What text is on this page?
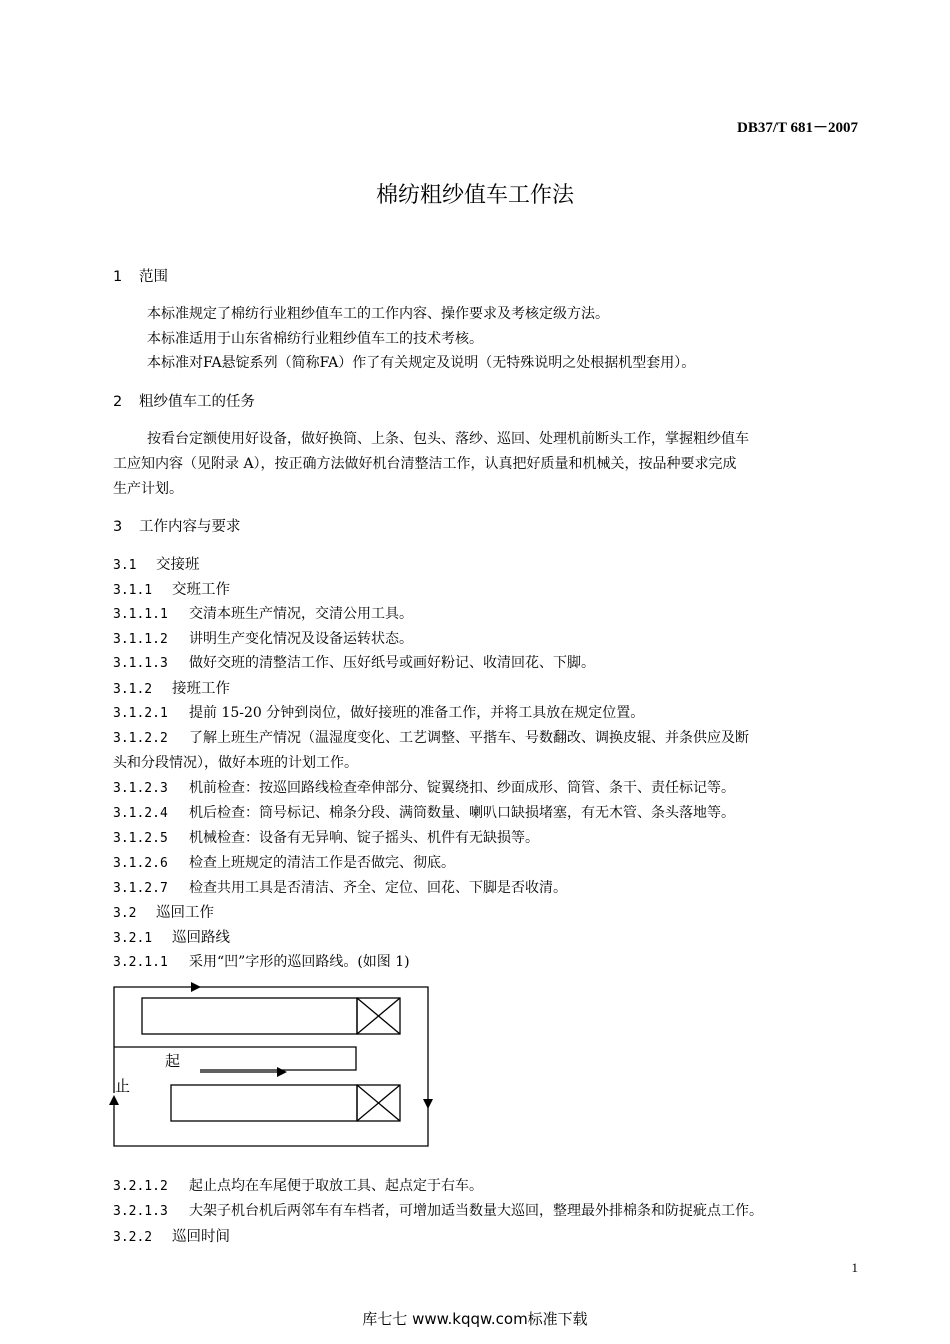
DB37/T 681－2007
棉纺粗纱值车工作法
1 范围
本标准规定了棉纺行业粗纱值车工的工作内容、操作要求及考核定级方法。
本标准适用于山东省棉纺行业粗纱值车工的技术考核。
本标准对FA悬锭系列（简称FA）作了有关规定及说明（无特殊说明之处根据机型套用）。
2 粗纱值车工的任务
按看台定额使用好设备，做好换筒、上条、包头、落纱、巡回、处理机前断头工作，掌握粗纱值车
工应知内容（见附录 A），按正确方法做好机台清整洁工作，认真把好质量和机械关，按品种要求完成
生产计划。
3 工作内容与要求
3.1 交接班
3.1.1 交班工作
3.1.1.1 交清本班生产情况，交清公用工具。
3.1.1.2 讲明生产变化情况及设备运转状态。
3.1.1.3 做好交班的清整洁工作、压好纸号或画好粉记、收清回花、下脚。
3.1.2 接班工作
3.1.2.1 提前 15-20 分钟到岗位，做好接班的准备工作，并将工具放在规定位置。
3.1.2.2 了解上班生产情况（温湿度变化、工艺调整、平揩车、号数翻改、调换皮辊、并条供应及断
头和分段情况），做好本班的计划工作。
3.1.2.3 机前检查：按巡回路线检查牵伸部分、锭翼绕扣、纱面成形、筒管、条干、责任标记等。
3.1.2.4 机后检查：筒号标记、棉条分段、满筒数量、喇叭口缺损堵塞，有无木管、条头落地等。
3.1.2.5 机械检查：设备有无异响、锭子摇头、机件有无缺损等。
3.1.2.6 检查上班规定的清洁工作是否做完、彻底。
3.1.2.7 检查共用工具是否清洁、齐全、定位、回花、下脚是否收清。
3.2 巡回工作
3.2.1 巡回路线
3.2.1.1 采用“凹”字形的巡回路线。(如图 1)
起
止
3.2.1.2 起止点均在车尾便于取放工具、起点定于右车。
3.2.1.3 大架子机台机后两邻车有车档者，可增加适当数量大巡回，整理最外排棉条和防捉疵点工作。
3.2.2 巡回时间
1
库七七 www.kqqw.com标准下载
